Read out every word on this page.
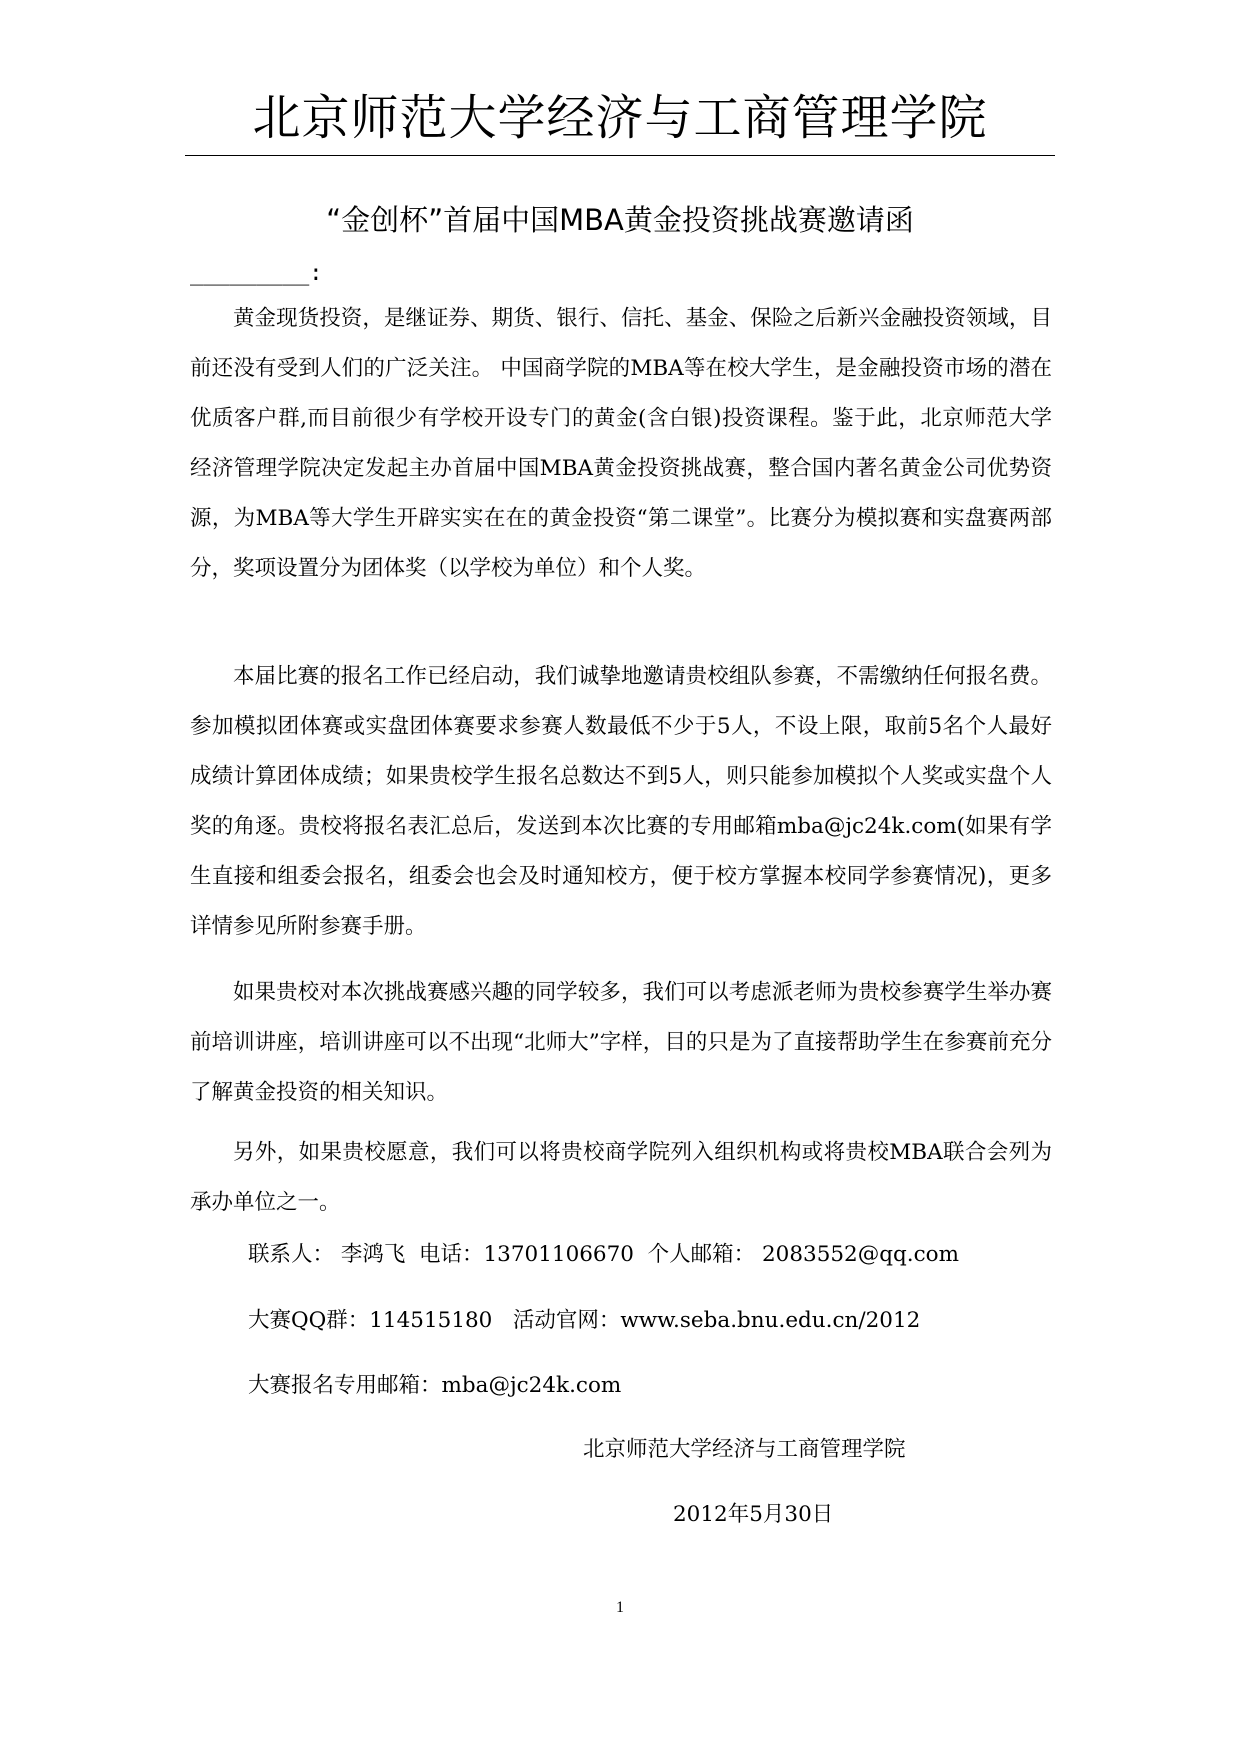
北京师范大学经济与工商管理学院
“金创杯”首届中国MBA黄金投资挑战赛邀请函
_________:

黄金现货投资，是继证券、期货、银行、信托、基金、保险之后新兴金融投资领域，目前还没有受到人们的广泛关注。 中国商学院的MBA等在校大学生，是金融投资市场的潜在优质客户群,而目前很少有学校开设专门的黄金(含白银)投资课程。鉴于此，北京师范大学经济管理学院决定发起主办首届中国MBA黄金投资挑战赛，整合国内著名黄金公司优势资源，为MBA等大学生开辟实实在在的黄金投资“第二课堂”。比赛分为模拟赛和实盘赛两部分，奖项设置分为团体奖（以学校为单位）和个人奖。

本届比赛的报名工作已经启动，我们诚挚地邀请贵校组队参赛，不需缴纳任何报名费。参加模拟团体赛或实盘团体赛要求参赛人数最低不少于5人，不设上限，取前5名个人最好成绩计算团体成绩；如果贵校学生报名总数达不到5人，则只能参加模拟个人奖或实盘个人奖的角逐。贵校将报名表汇总后，发送到本次比赛的专用邮箱mba@jc24k.com(如果有学生直接和组委会报名，组委会也会及时通知校方，便于校方掌握本校同学参赛情况)，更多详情参见所附参赛手册。

如果贵校对本次挑战赛感兴趣的同学较多，我们可以考虑派老师为贵校参赛学生举办赛前培训讲座，培训讲座可以不出现“北师大”字样，目的只是为了直接帮助学生在参赛前充分了解黄金投资的相关知识。

另外，如果贵校愿意，我们可以将贵校商学院列入组织机构或将贵校MBA联合会列为承办单位之一。

联系人： 李鸿飞  电话：13701106670  个人邮箱： 2083552@qq.com
大赛QQ群：114515180   活动官网：www.seba.bnu.edu.cn/2012
大赛报名专用邮箱：mba@jc24k.com
北京师范大学经济与工商管理学院
2012年5月30日
1
